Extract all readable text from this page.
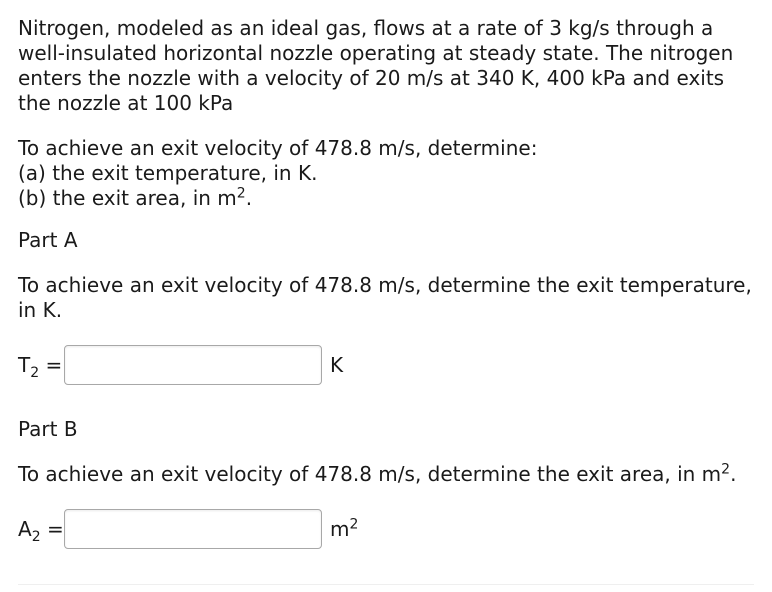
Nitrogen, modeled as an ideal gas, flows at a rate of 3 kg/s through a well-insulated horizontal nozzle operating at steady state. The nitrogen enters the nozzle with a velocity of 20 m/s at 340 K, 400 kPa and exits the nozzle at 100 kPa

To achieve an exit velocity of 478.8 m/s, determine:
(a) the exit temperature, in K.
(b) the exit area, in $m^2$.

Part A

To achieve an exit velocity of 478.8 m/s, determine the exit temperature, in K.

$T_2$ =	K

Part B

To achieve an exit velocity of 478.8 m/s, determine the exit area, in $m^2$.

$A_2$ =	$m^2$
